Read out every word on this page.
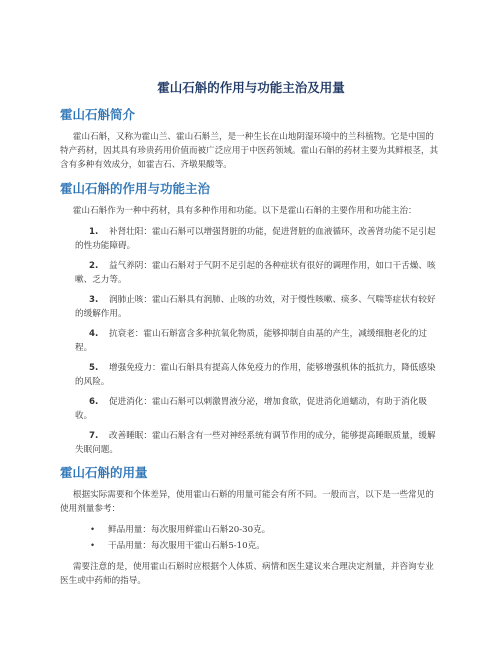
霍山石斛的作用与功能主治及用量
霍山石斛简介

霍山石斛，又称为霍山兰、霍山石斛兰，是一种生长在山地阴湿环境中的兰科植物。它是中国的特产药材，因其具有珍贵药用价值而被广泛应用于中医药领域。霍山石斛的药材主要为其鲜根茎，其含有多种有效成分，如霍吉石、齐墩果酸等。

霍山石斛的作用与功能主治

霍山石斛作为一种中药材，具有多种作用和功能。以下是霍山石斛的主要作用和功能主治：

1. 补肾壮阳：霍山石斛可以增强肾脏的功能，促进肾脏的血液循环，改善肾功能不足引起的性功能障碍。
2. 益气养阴：霍山石斛对于气阴不足引起的各种症状有很好的调理作用，如口干舌燥、咳嗽、乏力等。
3. 润肺止咳：霍山石斛具有润肺、止咳的功效，对于慢性咳嗽、痰多、气喘等症状有较好的缓解作用。
4. 抗衰老：霍山石斛富含多种抗氧化物质，能够抑制自由基的产生，减缓细胞老化的过程。
5. 增强免疫力：霍山石斛具有提高人体免疫力的作用，能够增强机体的抵抗力，降低感染的风险。
6. 促进消化：霍山石斛可以刺激胃液分泌，增加食欲，促进消化道蠕动，有助于消化吸收。
7. 改善睡眠：霍山石斛含有一些对神经系统有调节作用的成分，能够提高睡眠质量，缓解失眠问题。
霍山石斛的用量

根据实际需要和个体差异，使用霍山石斛的用量可能会有所不同。一般而言，以下是一些常见的使用剂量参考：

• 鲜品用量：每次服用鲜霍山石斛20-30克。
• 干品用量：每次服用干霍山石斛5-10克。

需要注意的是，使用霍山石斛时应根据个人体质、病情和医生建议来合理决定剂量，并咨询专业医生或中药师的指导。
